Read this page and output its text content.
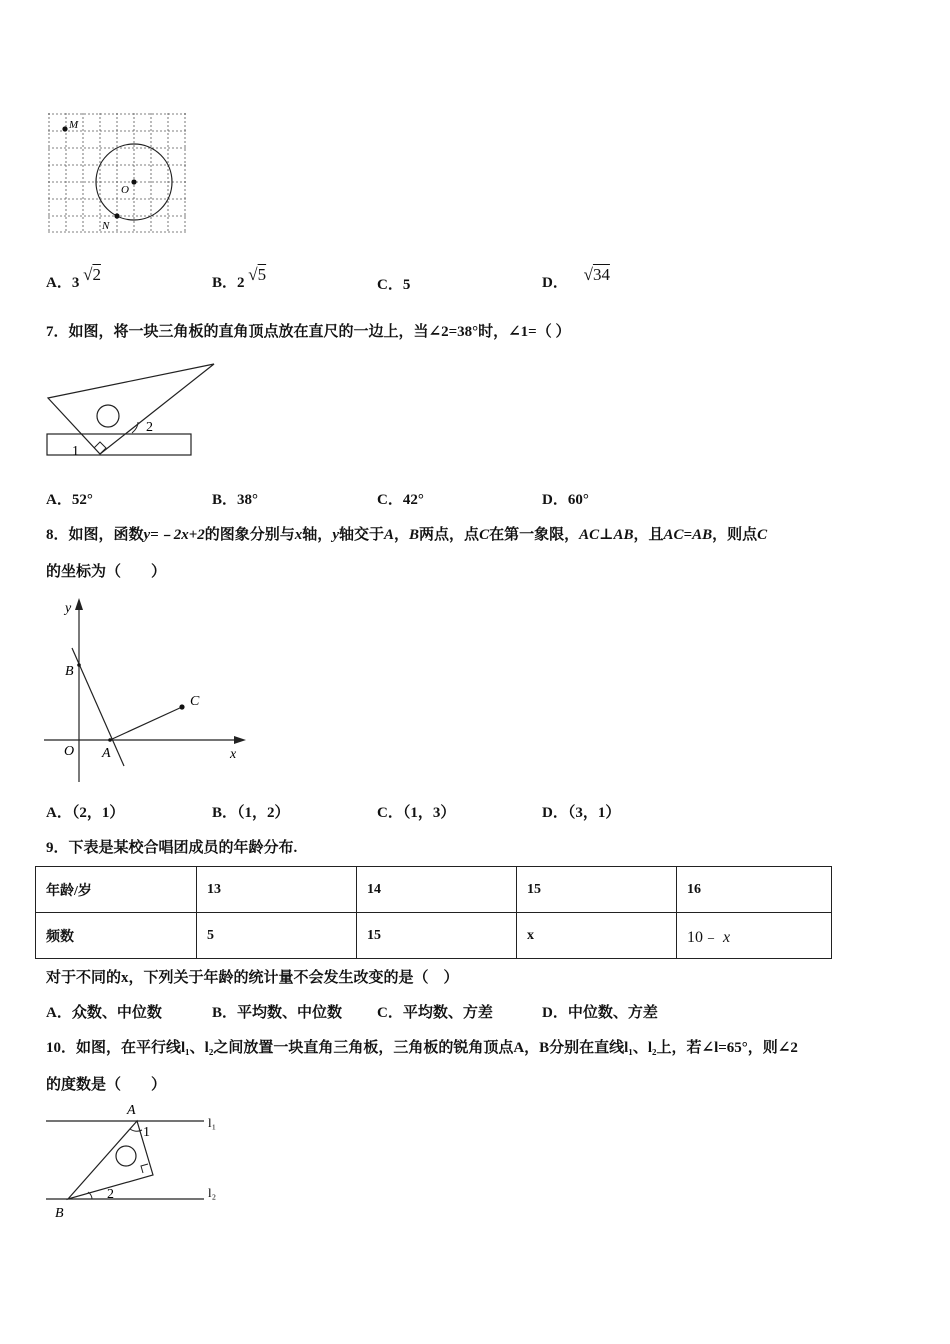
M
O
N
A．3 √2	B．2 √5
C．5	D． √34
7．如图，将一块三角板的直角顶点放在直尺的一边上，当∠2=38°时，∠1=（ ）
1
2
A．52°	B．38°	C．42°	D．60°
8．如图，函数y=﹣2x+2的图象分别与x轴，y轴交于A，B两点，点C在第一象限，AC⊥AB，且AC=AB，则点C
的坐标为（　　）
y
x
O A
B
C
A．（2，1）	B．（1，2）	C．（1，3）	D．（3，1）
9．下表是某校合唱团成员的年龄分布.
年龄/岁	13	14	15	16
频数	5	15	x	10﹣ x
对于不同的x，下列关于年龄的统计量不会发生改变的是（　）
A．众数、中位数	B．平均数、中位数 C．平均数、方差	D．中位数、方差
10．如图，在平行线l₁、l₂之间放置一块直角三角板，三角板的锐角顶点A，B分别在直线l₁、l₂上，若∠l=65°，则∠2
的度数是（　　）
A
B
1
2
l₁
l₂
